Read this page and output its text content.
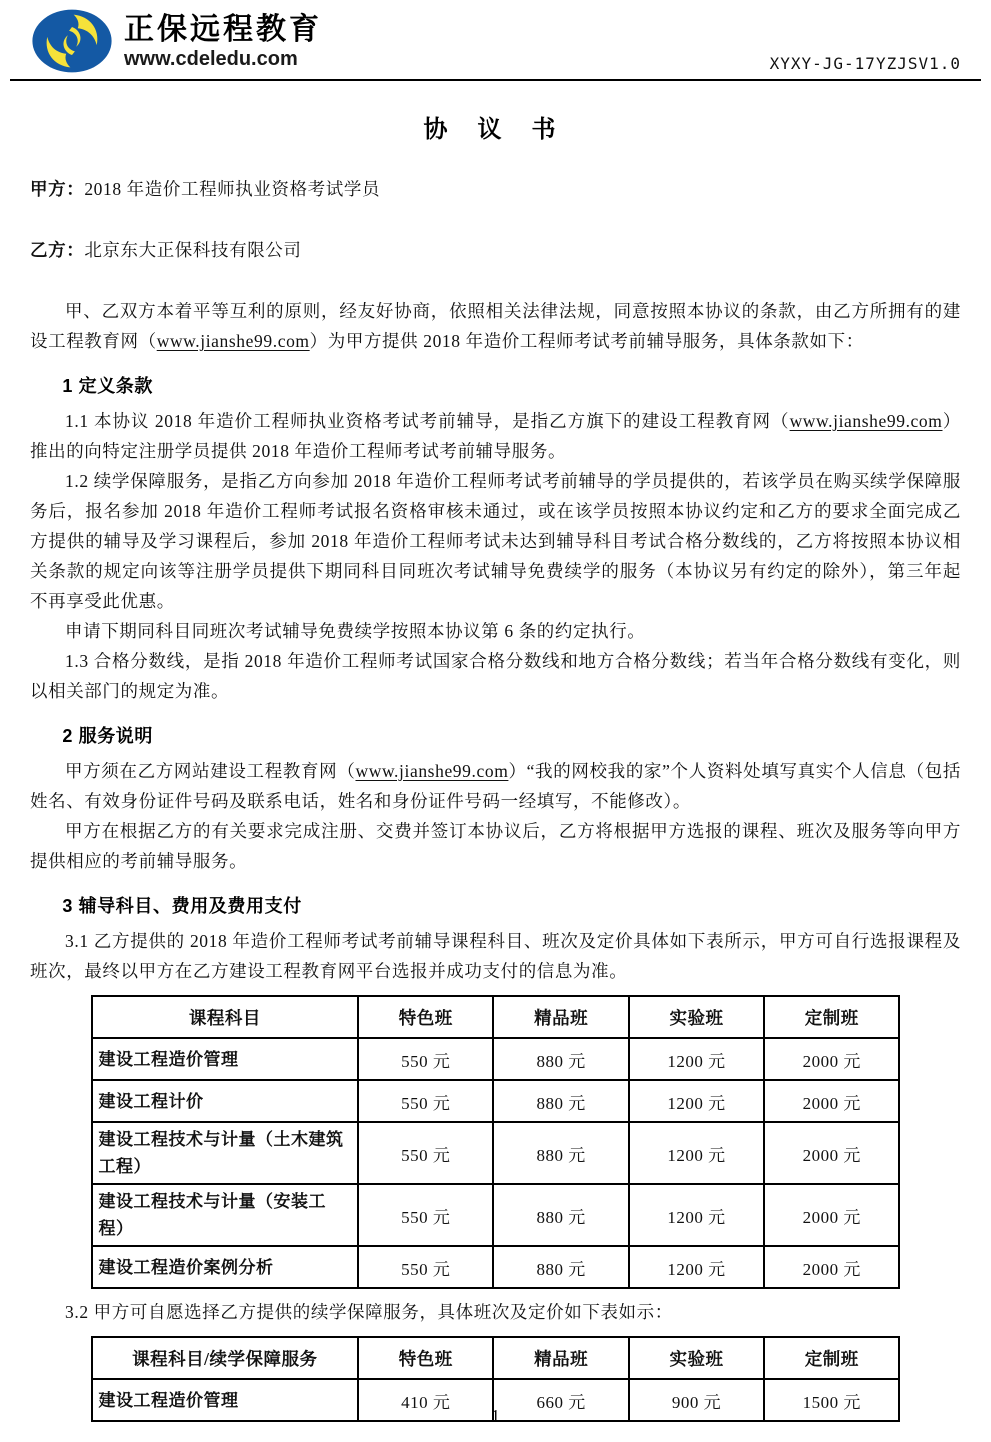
正保远程教育
www.cdeledu.com	XYXY-JG-17YZJSV1.0
协 议 书

甲方：2018 年造价工程师执业资格考试学员

乙方：北京东大正保科技有限公司

甲、乙双方本着平等互利的原则，经友好协商，依照相关法律法规，同意按照本协议的条款，由乙方所拥有的建设工程教育网（www.jianshe99.com）为甲方提供 2018 年造价工程师考试考前辅导服务，具体条款如下：

1 定义条款

1.1 本协议 2018 年造价工程师执业资格考试考前辅导，是指乙方旗下的建设工程教育网（www.jianshe99.com）推出的向特定注册学员提供 2018 年造价工程师考试考前辅导服务。

1.2 续学保障服务，是指乙方向参加 2018 年造价工程师考试考前辅导的学员提供的，若该学员在购买续学保障服务后，报名参加 2018 年造价工程师考试报名资格审核未通过，或在该学员按照本协议约定和乙方的要求全面完成乙方提供的辅导及学习课程后，参加 2018 年造价工程师考试未达到辅导科目考试合格分数线的，乙方将按照本协议相关条款的规定向该等注册学员提供下期同科目同班次考试辅导免费续学的服务（本协议另有约定的除外），第三年起不再享受此优惠。

申请下期同科目同班次考试辅导免费续学按照本协议第 6 条的约定执行。

1.3 合格分数线，是指 2018 年造价工程师考试国家合格分数线和地方合格分数线；若当年合格分数线有变化，则以相关部门的规定为准。

2 服务说明

甲方须在乙方网站建设工程教育网（www.jianshe99.com）“我的网校我的家”个人资料处填写真实个人信息（包括姓名、有效身份证件号码及联系电话，姓名和身份证件号码一经填写，不能修改）。

甲方在根据乙方的有关要求完成注册、交费并签订本协议后，乙方将根据甲方选报的课程、班次及服务等向甲方提供相应的考前辅导服务。

3 辅导科目、费用及费用支付

3.1 乙方提供的 2018 年造价工程师考试考前辅导课程科目、班次及定价具体如下表所示，甲方可自行选报课程及班次，最终以甲方在乙方建设工程教育网平台选报并成功支付的信息为准。

课程科目	特色班	精品班	实验班	定制班
建设工程造价管理	550 元	880 元	1200 元	2000 元
建设工程计价	550 元	880 元	1200 元	2000 元
建设工程技术与计量（土木建筑工程）	550 元	880 元	1200 元	2000 元
建设工程技术与计量（安装工程）	550 元	880 元	1200 元	2000 元
建设工程造价案例分析	550 元	880 元	1200 元	2000 元

3.2 甲方可自愿选择乙方提供的续学保障服务，具体班次及定价如下表如示：

课程科目/续学保障服务	特色班	精品班	实验班	定制班
建设工程造价管理	410 元	660 元	900 元	1500 元
1
